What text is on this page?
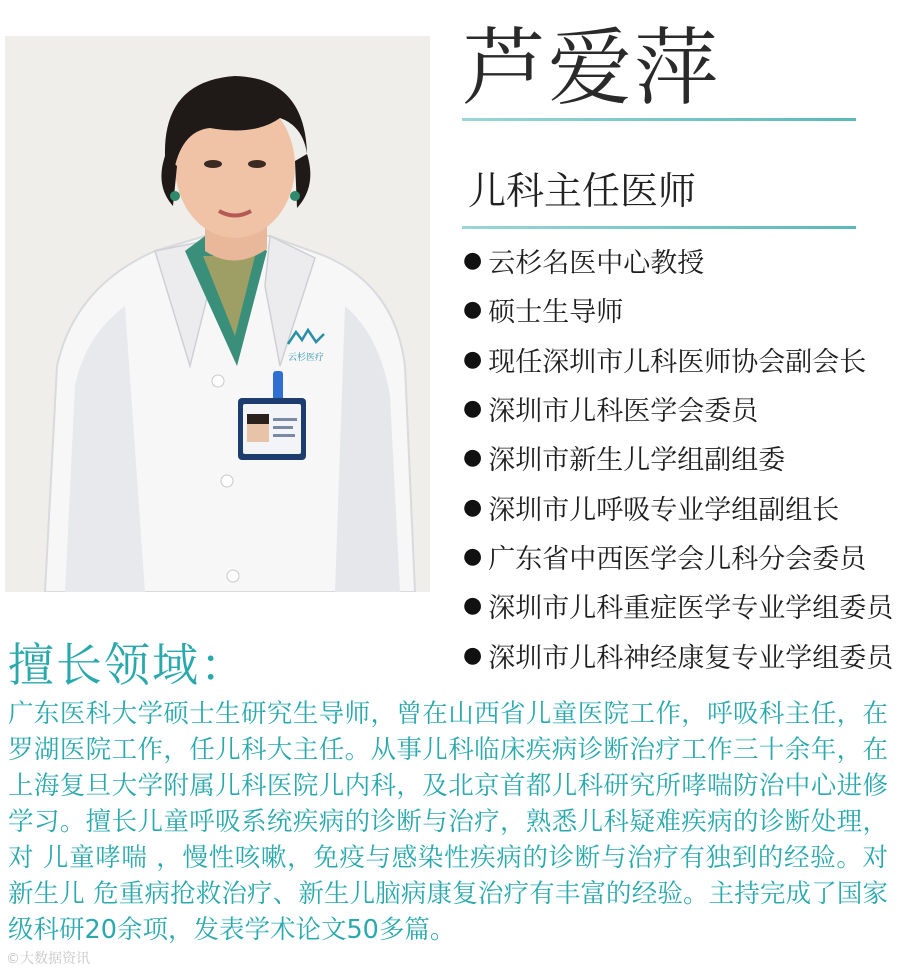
云杉医疗
芦爱萍
儿科主任医师
● 云杉名医中心教授
● 硕士生导师
● 现任深圳市儿科医师协会副会长
● 深圳市儿科医学会委员
● 深圳市新生儿学组副组委
● 深圳市儿呼吸专业学组副组长
● 广东省中西医学会儿科分会委员
● 深圳市儿科重症医学专业学组委员
● 深圳市儿科神经康复专业学组委员
擅长领域：

广东医科大学硕士生研究生导师，曾在山西省儿童医院工作，呼吸科主任，在罗湖医院工作，任儿科大主任。从事儿科临床疾病诊断治疗工作三十余年，在上海复旦大学附属儿科医院儿内科，及北京首都儿科研究所哮喘防治中心进修学习。擅长儿童呼吸系统疾病的诊断与治疗，熟悉儿科疑难疾病的诊断处理，对 儿童哮喘 ，慢性咳嗽，免疫与感染性疾病的诊断与治疗有独到的经验。对 新生儿 危重病抢救治疗、新生儿脑病康复治疗有丰富的经验。主持完成了国家级科研20余项，发表学术论文50多篇。

©大数据资讯
